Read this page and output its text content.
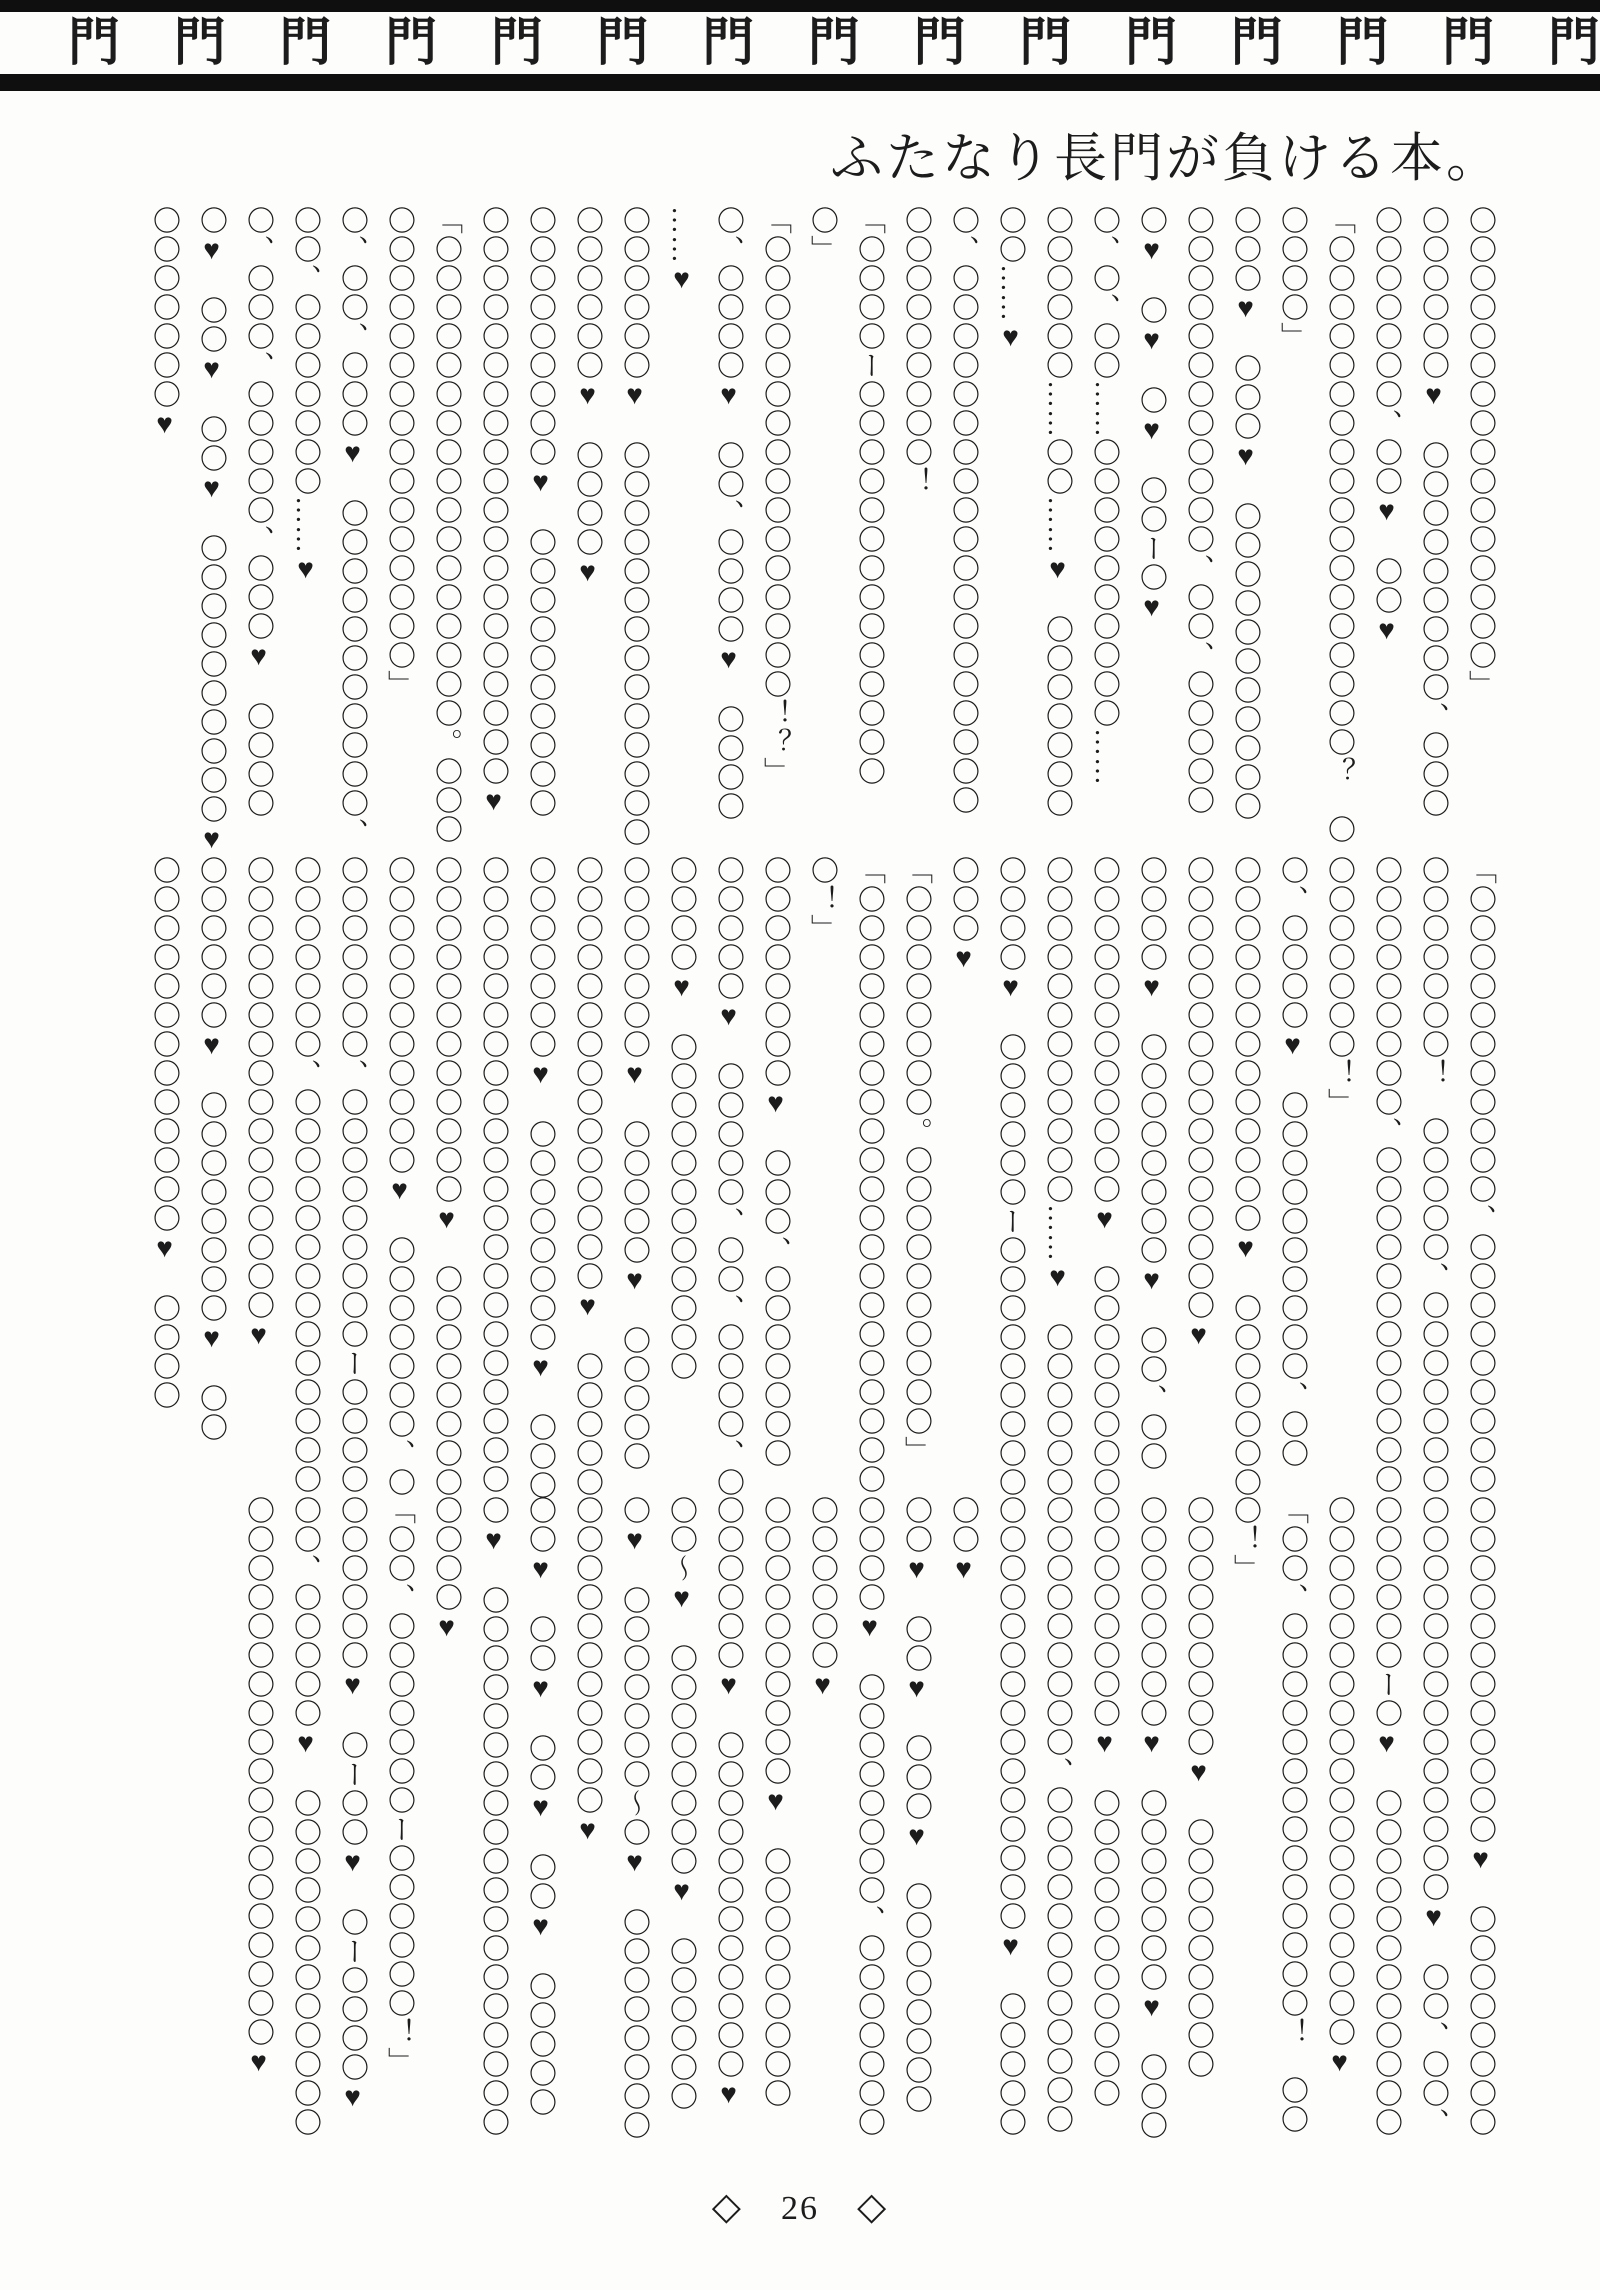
門 門 門 門 門 門 門 門 門 門 門 門 門 門 門
ふたなり長門が負ける本。
〇〇〇〇〇〇〇〇〇〇〇〇〇〇〇〇」
〇〇〇〇〇〇♥　〇〇〇〇〇〇〇〇〇、〇〇〇
〇〇〇〇〇〇〇、〇〇♥　〇〇♥
「〇〇〇〇〇〇〇〇〇〇〇〇〇〇〇〇〇〇？　〇
〇〇〇〇」
〇〇〇♥　〇〇〇♥　〇〇〇〇〇〇〇〇〇〇〇
〇〇〇〇〇〇〇〇〇〇〇〇、〇〇、〇〇〇〇〇
〇♥　〇♥　〇♥　〇〇ー〇♥
〇、〇、〇〇……〇〇〇〇〇〇〇〇〇〇……
〇〇〇〇〇〇……〇〇……♥　〇〇〇〇〇〇〇
〇〇……♥
〇、〇〇〇〇〇〇〇〇〇〇〇〇〇〇〇〇〇〇〇
〇〇〇〇〇〇〇〇〇！
「〇〇〇〇ー〇〇〇〇〇〇〇〇〇〇〇〇〇〇
〇」
「〇〇〇〇〇〇〇〇〇〇〇〇〇〇〇〇！？」
〇、〇〇〇〇♥　〇〇、〇〇〇〇♥　〇〇〇〇
……♥
〇〇〇〇〇〇♥　〇〇〇〇〇〇〇〇〇〇〇〇〇〇
〇〇〇〇〇〇♥　〇〇〇〇♥
〇〇〇〇〇〇〇〇〇♥　〇〇〇〇〇〇〇〇〇〇
〇〇〇〇〇〇〇〇〇〇〇〇〇〇〇〇〇〇〇〇♥
「〇〇〇〇〇〇〇〇〇〇〇〇〇〇〇〇〇。〇〇〇
〇〇〇〇〇〇〇〇〇〇〇〇〇〇〇〇」
〇、〇〇、〇〇〇♥　〇〇〇〇〇〇〇〇〇〇〇、
〇〇、〇〇〇〇〇〇〇……♥
〇、〇〇〇、〇〇〇〇〇、〇〇〇♥　〇〇〇〇
〇♥　〇〇♥　〇〇♥　〇〇〇〇〇〇〇〇〇〇♥
〇〇〇〇〇〇〇♥
「〇〇〇〇〇〇〇〇〇〇〇、〇〇〇〇〇〇〇〇〇
〇〇〇〇〇〇〇！　〇〇〇〇〇、〇〇〇〇〇〇〇
〇〇〇〇〇〇〇〇〇、〇〇〇〇〇〇〇〇〇〇〇〇
〇〇〇〇〇〇〇！」
〇、〇〇〇〇♥　〇〇〇〇〇〇〇〇〇〇、〇〇
〇〇〇〇〇〇〇〇〇〇〇〇〇♥　〇〇〇〇〇〇〇
〇〇〇〇〇〇〇〇〇〇〇〇〇〇〇〇♥
〇〇〇〇♥　〇〇〇〇〇〇〇〇♥　〇〇、〇〇
〇〇〇〇〇〇〇〇〇〇〇〇♥　〇〇〇〇〇〇〇〇
〇〇〇〇〇〇〇〇〇〇〇〇……♥　〇〇〇〇〇〇
〇〇〇〇♥　〇〇〇〇〇〇ー〇〇〇〇〇〇〇〇〇
〇〇〇♥
「〇〇〇〇〇〇〇〇。〇〇〇〇〇〇〇〇〇〇」
「〇〇〇〇〇〇〇〇〇〇〇〇〇〇〇〇〇〇〇〇〇
〇！」
〇〇〇〇〇〇〇〇♥　〇〇〇、〇〇〇〇〇〇〇
〇〇〇〇〇♥　〇〇〇〇〇、〇〇、〇〇〇〇、〇
〇〇〇〇♥　〇〇〇〇〇〇〇〇〇〇〇〇
〇〇〇〇〇〇〇♥　〇〇〇〇〇♥　〇〇〇〇〇
〇〇〇〇〇〇〇〇〇〇〇〇〇〇〇♥　〇〇〇〇〇
〇〇〇〇〇〇〇♥　〇〇〇〇〇〇〇〇♥　〇〇〇
〇〇〇〇〇〇〇〇〇〇〇〇〇〇〇〇〇〇〇〇〇〇
〇〇〇〇〇〇〇〇〇〇〇〇♥　〇〇〇〇〇〇〇〇
〇〇〇〇〇〇〇〇〇〇〇♥　〇〇〇〇〇〇〇、〇
〇〇〇〇〇〇〇、〇〇〇〇〇〇〇〇〇ー〇〇〇〇
〇〇〇〇〇〇〇、〇〇〇〇〇〇〇〇〇〇〇〇〇〇
〇〇〇〇〇〇〇〇〇〇〇〇〇〇〇〇♥
〇〇〇〇〇〇♥　〇〇〇〇〇〇〇〇♥　〇〇
〇〇〇〇〇〇〇〇〇〇〇〇〇♥　〇〇〇〇
〇〇〇〇〇〇〇〇〇〇〇〇♥　〇〇〇〇〇〇〇〇
〇〇〇〇〇〇〇〇〇〇〇〇〇〇♥　〇〇、〇〇、
〇〇〇〇〇〇ー〇♥　〇〇〇〇〇〇〇〇〇〇〇〇
〇〇〇〇〇〇〇〇〇〇〇〇〇〇〇〇〇〇〇♥
「〇〇、〇〇〇〇〇〇〇〇〇〇〇〇〇〇！　〇〇
〇！」
〇〇〇〇〇〇〇〇〇♥　〇〇〇〇〇〇〇〇〇
〇〇〇〇〇〇〇〇♥　〇〇〇〇〇〇〇♥　〇〇〇
〇〇〇〇〇〇〇〇♥　〇〇〇〇〇〇〇〇〇〇〇
〇〇〇〇〇〇〇〇〇、〇〇〇〇〇〇〇〇〇〇〇〇
〇〇〇〇〇〇〇〇〇〇〇〇〇〇〇♥　〇〇〇〇〇
〇〇♥
〇〇♥　〇〇♥　〇〇〇♥　〇〇〇〇〇〇〇〇
〇〇〇〇♥　〇〇〇〇〇〇〇〇、〇〇〇〇〇〇〇
〇〇〇〇〇〇♥
〇〇〇〇〇〇〇〇〇〇♥　〇〇〇〇〇〇〇〇〇
〇〇〇〇〇〇♥　〇〇〇〇〇〇〇〇〇〇〇〇♥
〇〇〜♥　〇〇〇〇〇〇〇〇♥　〇〇〇〇〇〇
〇♥　〇〇〇〇〇〇〇〜〇♥　〇〇〇〇〇〇〇〇
〇〇〇〇〇〇〇〇〇〇〇♥
〇〇♥　〇〇♥　〇〇♥　〇〇♥　〇〇〇〇〇
〇♥　〇〇〇〇〇〇〇〇〇〇〇〇〇〇〇〇〇〇〇
〇〇〇〇♥
「〇〇、〇〇〇〇〇〇〇ー〇〇〇〇〇〇！」
〇〇〇〇〇〇♥　〇ー〇〇♥　〇ー〇〇〇〇♥
〇〇、〇〇〇〇〇♥　〇〇〇〇〇〇〇〇〇〇〇〇
〇〇〇〇〇〇〇〇〇〇〇〇〇〇〇〇〇〇〇♥
◇ 26 ◇
